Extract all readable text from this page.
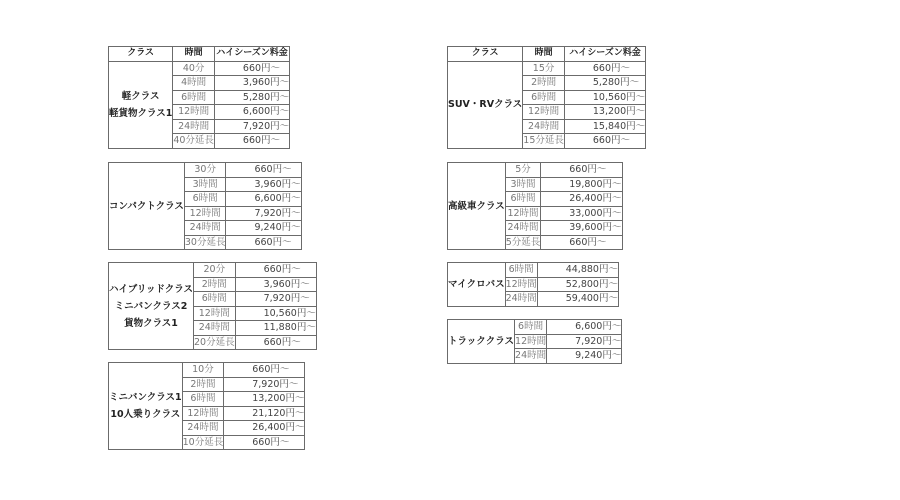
クラス	時間	ハイシーズン料金

軽クラス
軽貨物クラス1	40分	660円～
	4時間	3,960円～
	6時間	5,280円～
	12時間	6,600円～
	24時間	7,920円～
	40分延長	660円～
コンパクトクラス	30分	660円～
	3時間	3,960円～
	6時間	6,600円～
	12時間	7,920円～
	24時間	9,240円～
	30分延長	660円～
ハイブリッドクラス
ミニバンクラス2
貨物クラス1	20分	660円～
	2時間	3,960円～
	6時間	7,920円～
	12時間	10,560円～
	24時間	11,880円～
	20分延長	660円～
ミニバンクラス1
10人乗りクラス	10分	660円～
	2時間	7,920円～
	6時間	13,200円～
	12時間	21,120円～
	24時間	26,400円～
	10分延長	660円～
クラス	時間	ハイシーズン料金

SUV・RVクラス	15分	660円～
	2時間	5,280円～
	6時間	10,560円～
	12時間	13,200円～
	24時間	15,840円～
	15分延長	660円～
高級車クラス	5分	660円～
	3時間	19,800円～
	6時間	26,400円～
	12時間	33,000円～
	24時間	39,600円～
	5分延長	660円～
マイクロバス	6時間	44,880円～
	12時間	52,800円～
	24時間	59,400円～
トラッククラス	6時間	6,600円～
	12時間	7,920円～
	24時間	9,240円～
